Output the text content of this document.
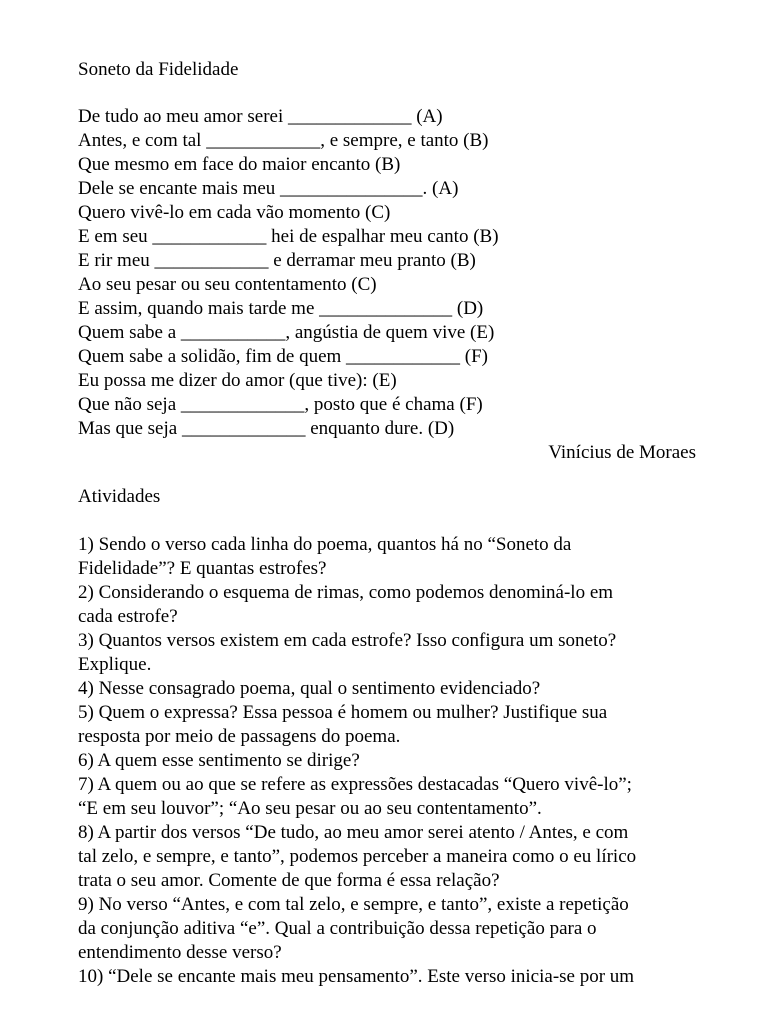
Soneto da Fidelidade
De tudo ao meu amor serei _____________ (A)
Antes, e com tal ____________, e sempre, e tanto (B)
Que mesmo em face do maior encanto (B)
Dele se encante mais meu _______________. (A)
Quero vivê-lo em cada vão momento (C)
E em seu ____________ hei de espalhar meu canto (B)
E rir meu ____________ e derramar meu pranto (B)
Ao seu pesar ou seu contentamento (C)
E assim, quando mais tarde me ______________ (D)
Quem sabe a ___________, angústia de quem vive (E)
Quem sabe a solidão, fim de quem ____________ (F)
Eu possa me dizer do amor (que tive): (E)
Que não seja _____________, posto que é chama (F)
Mas que seja _____________ enquanto dure. (D)
Vinícius de Moraes
Atividades
1) Sendo o verso cada linha do poema, quantos há no “Soneto da
Fidelidade”? E quantas estrofes?
2) Considerando o esquema de rimas, como podemos denominá-lo em
cada estrofe?
3) Quantos versos existem em cada estrofe? Isso configura um soneto?
Explique.
4) Nesse consagrado poema, qual o sentimento evidenciado?
5) Quem o expressa? Essa pessoa é homem ou mulher? Justifique sua
resposta por meio de passagens do poema.
6) A quem esse sentimento se dirige?
7) A quem ou ao que se refere as expressões destacadas “Quero vivê-lo”;
“E em seu louvor”; “Ao seu pesar ou ao seu contentamento”.
8) A partir dos versos “De tudo, ao meu amor serei atento / Antes, e com
tal zelo, e sempre, e tanto”, podemos perceber a maneira como o eu lírico
trata o seu amor. Comente de que forma é essa relação?
9) No verso “Antes, e com tal zelo, e sempre, e tanto”, existe a repetição
da conjunção aditiva “e”. Qual a contribuição dessa repetição para o
entendimento desse verso?
10) “Dele se encante mais meu pensamento”. Este verso inicia-se por um
